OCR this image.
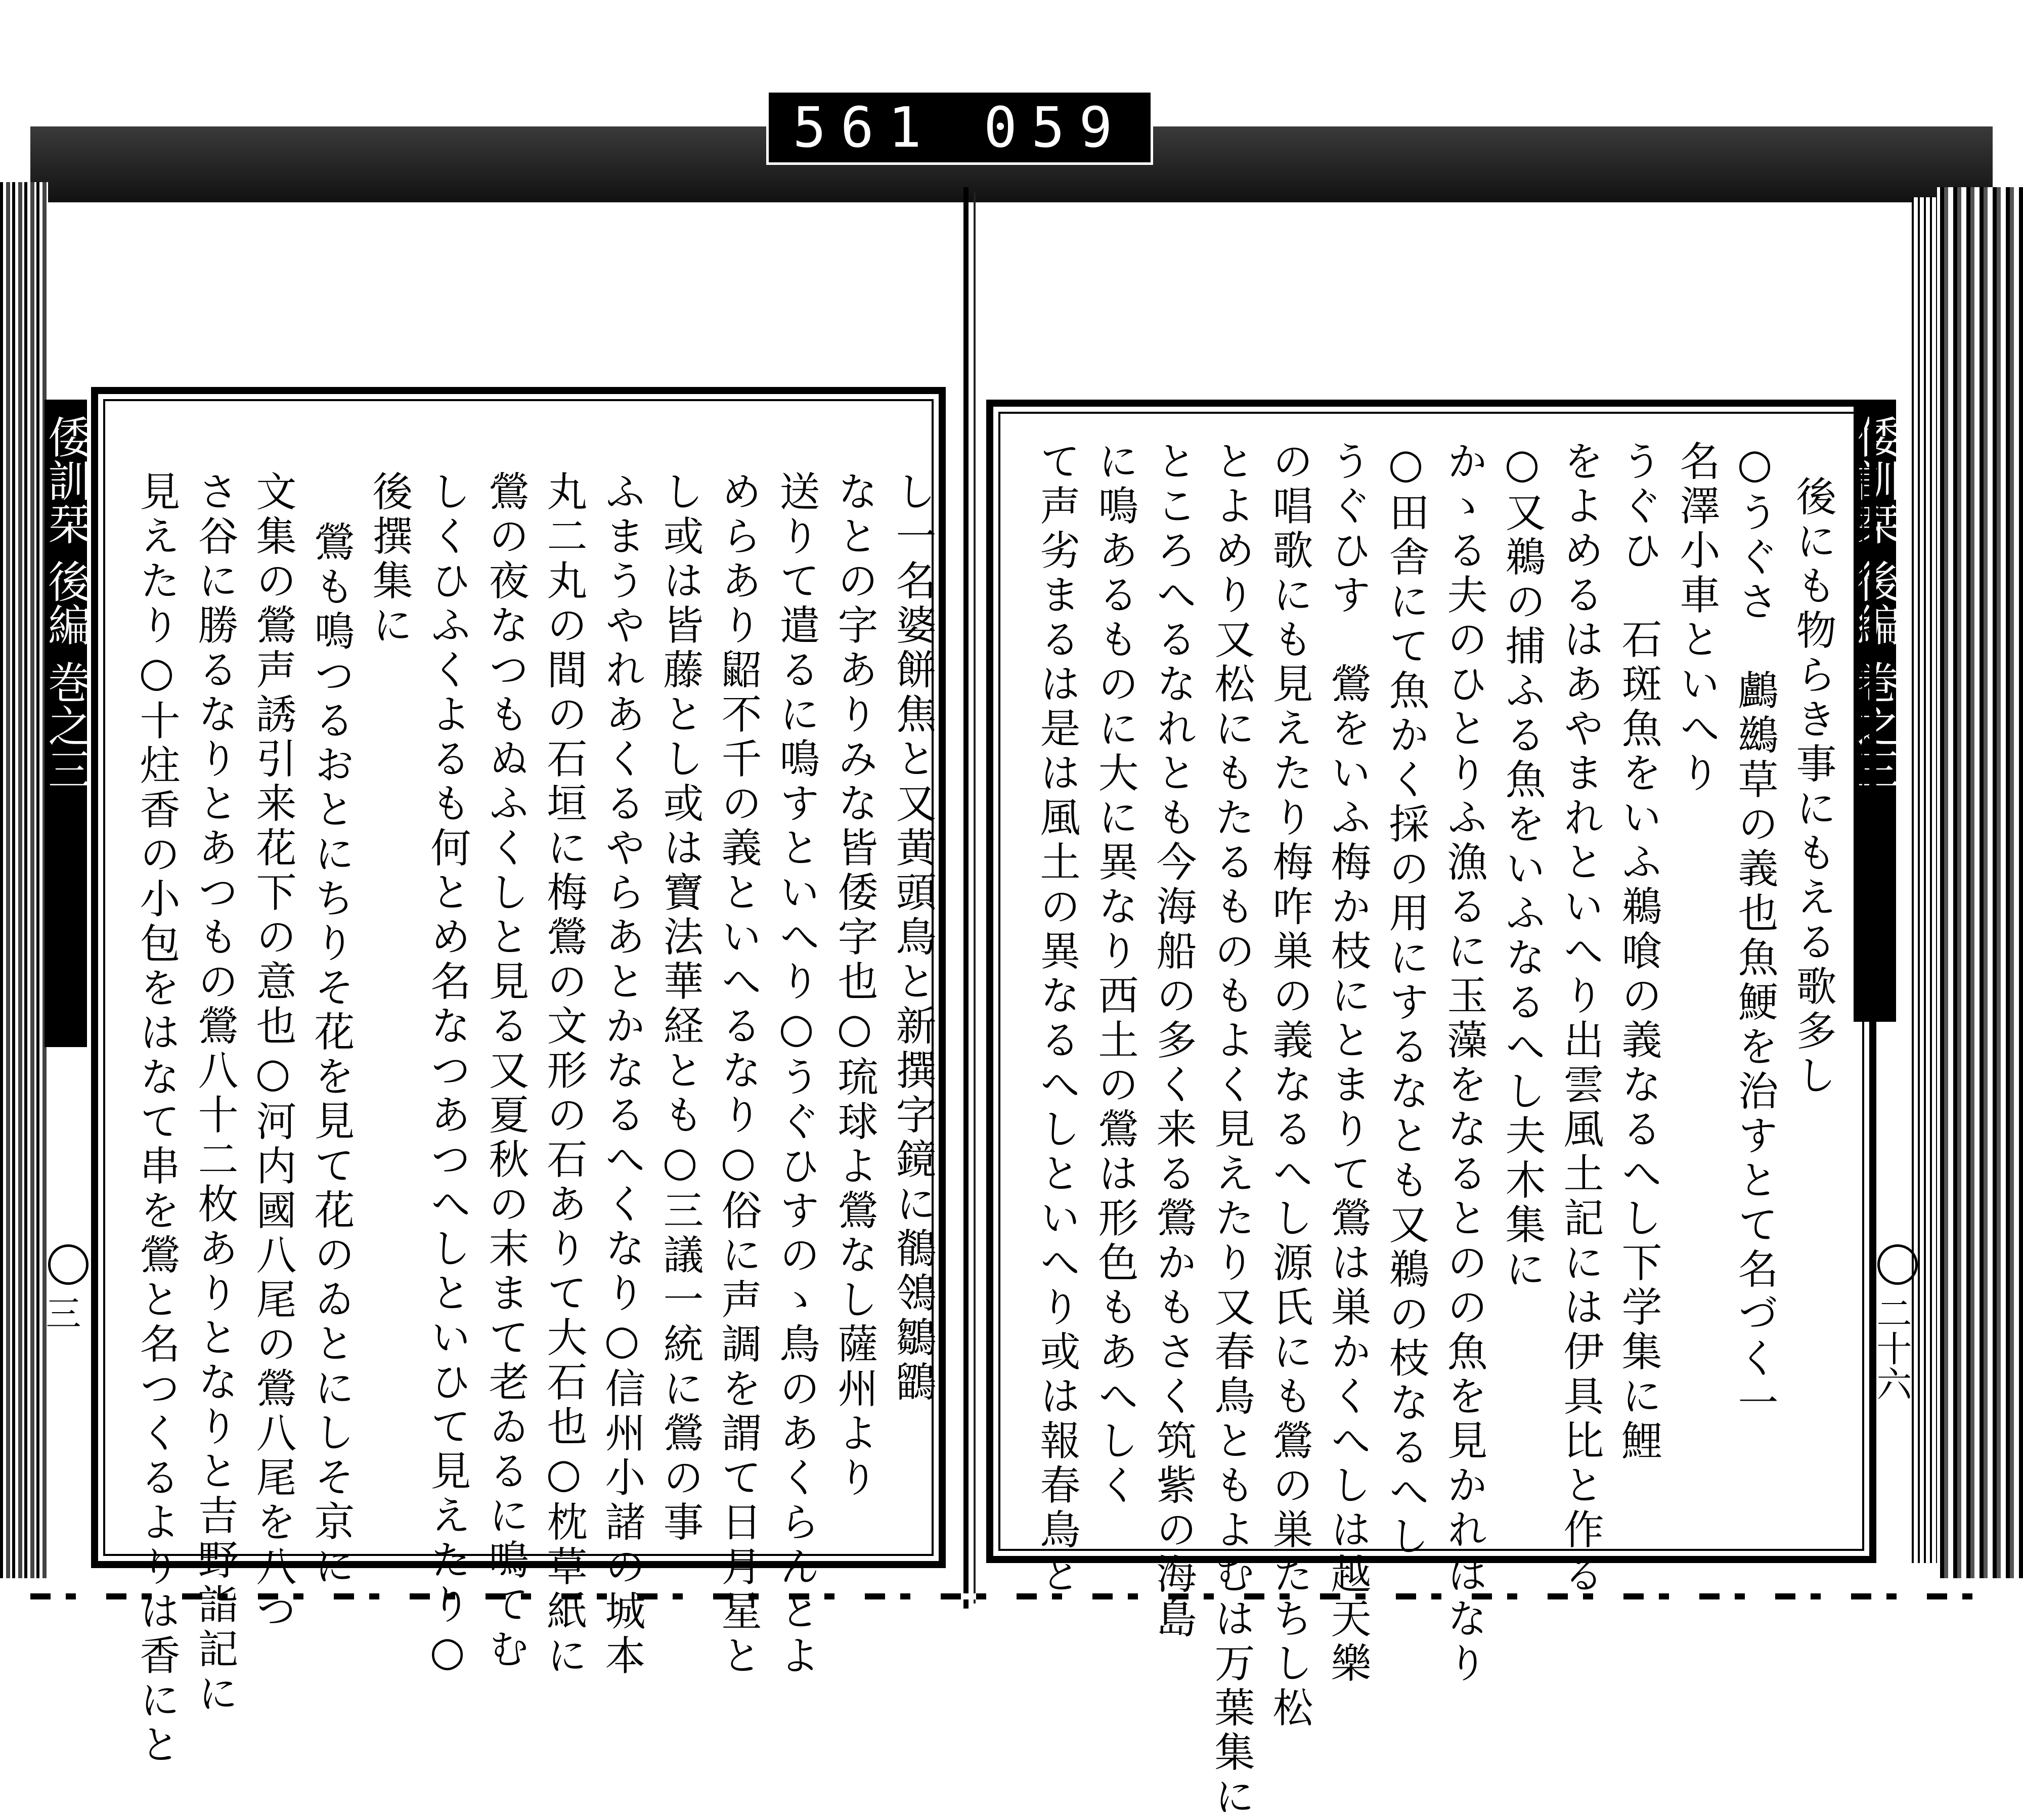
561 059
倭訓栞 後編 巻之三	倭訓栞 後編 巻之三
三	二十六
し一名婆餅焦と又黄頭鳥と新撰字鏡に鶺鴒鶵鶹
なとの字ありみな皆倭字也○琉球よ鶯なし薩州より
送りて遣るに鳴すといへり○うぐひすのゝ鳥のあくらんとよ
めらあり鼦不千の義といへるなり○俗に声調を謂て日月星と
し或は皆藤とし或は寶法華経とも○三議一統に鶯の事
ふまうやれあくるやらあとかなるへくなり○信州小諸の城本
丸二丸の間の石垣に梅鶯の文形の石ありて大石也○枕草紙に
鶯の夜なつもぬふくしと見る又夏秋の末まて老ゐるに鳴てむ
しくひふくよるも何とめ名なつあつへしといひて見えたり○
後撰集に
鶯も鳴つるおとにちりそ花を見て花のゐとにしそ京に
文集の鶯声誘引来花下の意也○河内國八尾の鶯八尾を八つ
さ谷に勝るなりとあつもの鶯八十二枚ありとなりと吉野詣記に
見えたり○十炷香の小包をはなて串を鶯と名つくるよりは香にと	後にも物らき事にもえる歌多し
○うぐさ　鸕鷀草の義也魚鯁を治すとて名づく一
名澤小車といへり
うぐひ　石斑魚をいふ鵜喰の義なるへし下学集に鯉
をよめるはあやまれといへり出雲風土記には伊具比と作る
○又鵜の捕ふる魚をいふなるへし夫木集に
かゝる夫のひとりふ漁るに玉藻をなるとのの魚を見かれはなり
○田舎にて魚かく採の用にするなとも又鵜の枝なるへし
うぐひす　鶯をいふ梅か枝にとまりて鶯は巣かくへしは越天樂
の唱歌にも見えたり梅咋巣の義なるへし源氏にも鶯の巣たちし松
とよめり又松にもたるものもよく見えたり又春鳥ともよむは万葉集に
ところへるなれとも今海船の多く来る鶯かもさく筑紫の海島
に鳴あるものに大に異なり西土の鶯は形色もあへしく
て声劣まるは是は風土の異なるへしといへり或は報春鳥と
